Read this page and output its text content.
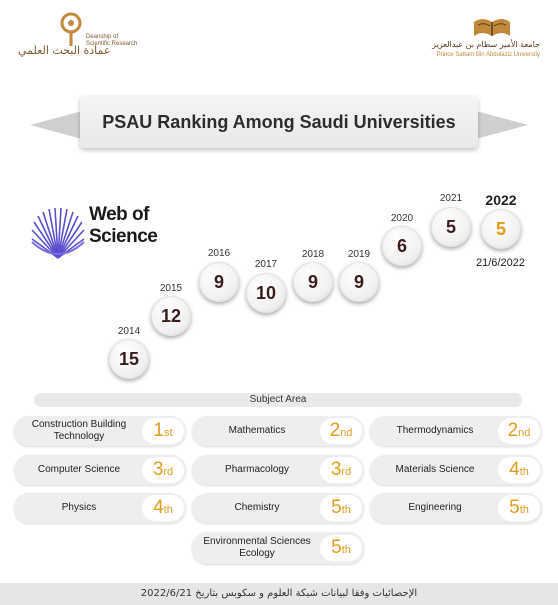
Deanship of
Scientific Research
عمادة البحث العلمي	جامعة الأمير سطام بن عبدالعزيز
Prince Sattam Bin Abdulaziz University
PSAU Ranking Among Saudi Universities
Web of
Science
2014
15
2015
12
2016
9
2017
10
2018
9
2019
9
2020
6
2021
5
2022
5
21/6/2022
Subject Area
Construction Building Technology	1 st	Mathematics	2 nd	Thermodynamics	2 nd
Computer Science	3 rd	Pharmacology	3 rd	Materials Science	4 th
Physics	4 th	Chemistry	5 th	Engineering	5 th
Environmental Sciences Ecology	5 th
الإحصائيات وفقا لبيانات شبكة العلوم و سكوبس بتاريخ 2022/6/21
